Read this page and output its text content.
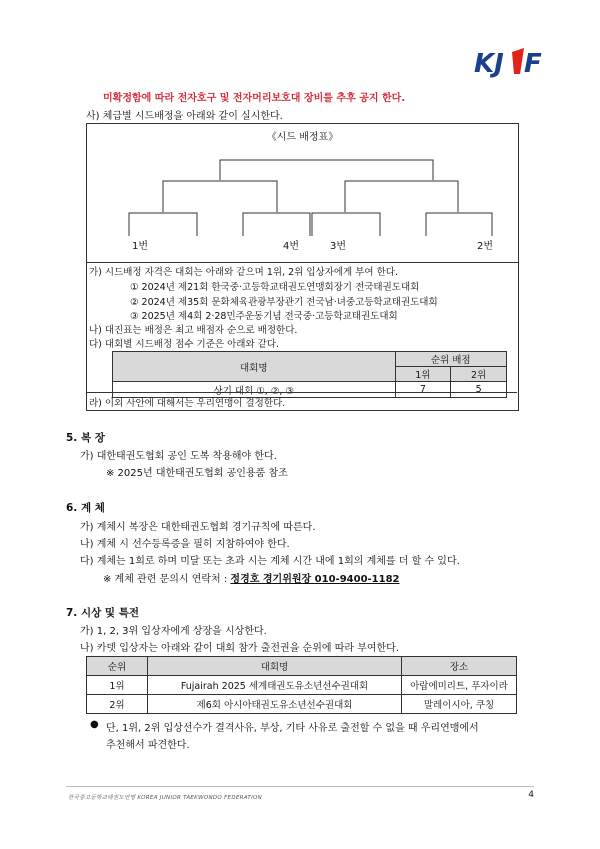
KJ F
미확정함에 따라 전자호구 및 전자머리보호대 장비를 추후 공지 한다.
사) 체급별 시드배정을 아래와 같이 실시한다.
《시드 배정표》
1번	4번	3번	2번
가) 시드배정 자격은 대회는 아래와 같으며 1위, 2위 입상자에게 부여 한다.
① 2024년 제21회 한국중·고등학교태권도연맹회장기 전국태권도대회
② 2024년 제35회 문화체육관광부장관기 전국남·녀중고등학교태권도대회
③ 2025년 제4회 2·28민주운동기념 전국중·고등학교태권도대회
나) 대진표는 배정은 최고 배점자 순으로 배정한다.
다) 대회별 시드배정 점수 기준은 아래와 같다.
대회명	순위 배점	
	1위	2위
상기 대회 ①, ②, ③	7	5
라) 이외 사안에 대해서는 우리연맹이 결정한다.
5. 복 장
가) 대한태권도협회 공인 도복 착용해야 한다.
※ 2025년 대한태권도협회 공인용품 참조
6. 계 체
가) 계체시 복장은 대한태권도협회 경기규칙에 따른다.
나) 계체 시 선수등록증을 필히 지참하여야 한다.
다) 계체는 1회로 하며 미달 또는 초과 시는 계체 시간 내에 1회의 계체를 더 할 수 있다.
※ 계체 관련 문의시 연락처 : 정경호 경기위원장 010-9400-1182
7. 시상 및 특전
가) 1, 2, 3위 입상자에게 상장을 시상한다.
나) 카뎃 입상자는 아래와 같이 대회 참가 출전권을 순위에 따라 부여한다.
순위	대회명	장소
1위	Fujairah 2025 세계태권도유소년선수권대회	아랍에미리트, 푸자이라
2위	제6회 아시아태권도유소년선수권대회	말레이시아, 쿠칭
● 단, 1위, 2위 입상선수가 결격사유, 부상, 기타 사유로 출전할 수 없을 때 우리연맹에서
추천해서 파견한다.
한국중고등학교태권도연맹 KOREA JUNIOR TAEKWONDO FEDERATION	4
